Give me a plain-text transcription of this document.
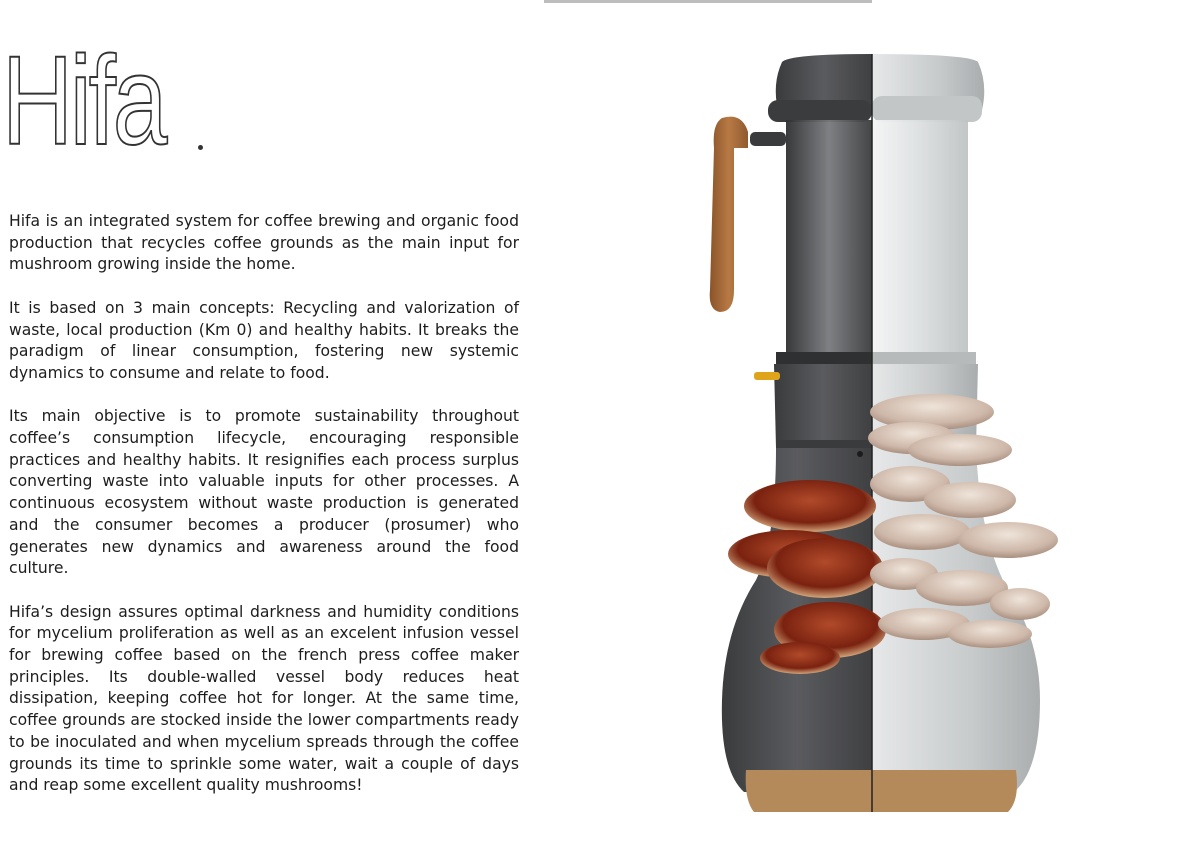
Hifa

Hifa is an integrated system for coffee brewing and organic food production that recycles coffee grounds as the main input for mushroom growing inside the home.

It is based on 3 main concepts: Recycling and valorization of waste, local production (Km 0) and healthy habits. It breaks the paradigm of linear consumption, fostering new systemic dynamics to consume and relate to food.

Its main objective is to promote sustainability throughout coffee’s consumption lifecycle, encouraging responsible practices and healthy habits. It resignifies each process surplus converting waste into valuable inputs for other processes. A continuous ecosystem without waste production is generated and the consumer becomes a producer (prosumer) who generates new dynamics and awareness around the food culture.

Hifa’s design assures optimal darkness and humidity conditions for mycelium proliferation as well as an excelent infusion vessel for brewing coffee based on the french press coffee maker principles. Its double-walled vessel body reduces heat dissipation, keeping coffee hot for longer. At the same time, coffee grounds are stocked inside the lower compartments ready to be inoculated and when mycelium spreads through the coffee grounds its time to sprinkle some water, wait a couple of days and reap some excellent quality mushrooms!
